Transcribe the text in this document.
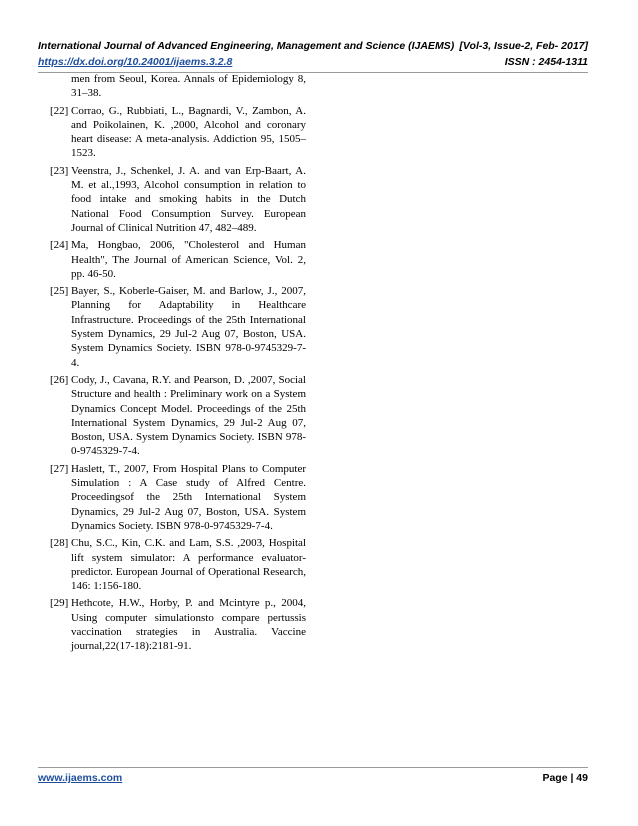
International Journal of Advanced Engineering, Management and Science (IJAEMS) [Vol-3, Issue-2, Feb- 2017]
https://dx.doi.org/10.24001/ijaems.3.2.8	ISSN : 2454-1311
men from Seoul, Korea. Annals of Epidemiology 8, 31–38.
[22] Corrao, G., Rubbiati, L., Bagnardi, V., Zambon, A. and Poikolainen, K. ,2000, Alcohol and coronary heart disease: A meta-analysis. Addiction 95, 1505–1523.
[23] Veenstra, J., Schenkel, J. A. and van Erp-Baart, A. M. et al.,1993, Alcohol consumption in relation to food intake and smoking habits in the Dutch National Food Consumption Survey. European Journal of Clinical Nutrition 47, 482–489.
[24] Ma, Hongbao, 2006, "Cholesterol and Human Health", The Journal of American Science, Vol. 2, pp. 46-50.
[25] Bayer, S., Koberle-Gaiser, M. and Barlow, J., 2007, Planning for Adaptability in Healthcare Infrastructure. Proceedings of the 25th International System Dynamics, 29 Jul-2 Aug 07, Boston, USA. System Dynamics Society. ISBN 978-0-9745329-7-4.
[26] Cody, J., Cavana, R.Y. and Pearson, D. ,2007, Social Structure and health : Preliminary work on a System Dynamics Concept Model. Proceedings of the 25th International System Dynamics, 29 Jul-2 Aug 07, Boston, USA. System Dynamics Society. ISBN 978-0-9745329-7-4.
[27] Haslett, T., 2007, From Hospital Plans to Computer Simulation : A Case study of Alfred Centre. Proceedingsof the 25th International System Dynamics, 29 Jul-2 Aug 07, Boston, USA. System Dynamics Society. ISBN 978-0-9745329-7-4.
[28] Chu, S.C., Kin, C.K. and Lam, S.S. ,2003, Hospital lift system simulator: A performance evaluator-predictor. European Journal of Operational Research, 146: 1:156-180.
[29] Hethcote, H.W., Horby, P. and Mcintyre p., 2004, Using computer simulationsto compare pertussis vaccination strategies in Australia. Vaccine journal,22(17-18):2181-91.
www.ijaems.com	Page | 49
